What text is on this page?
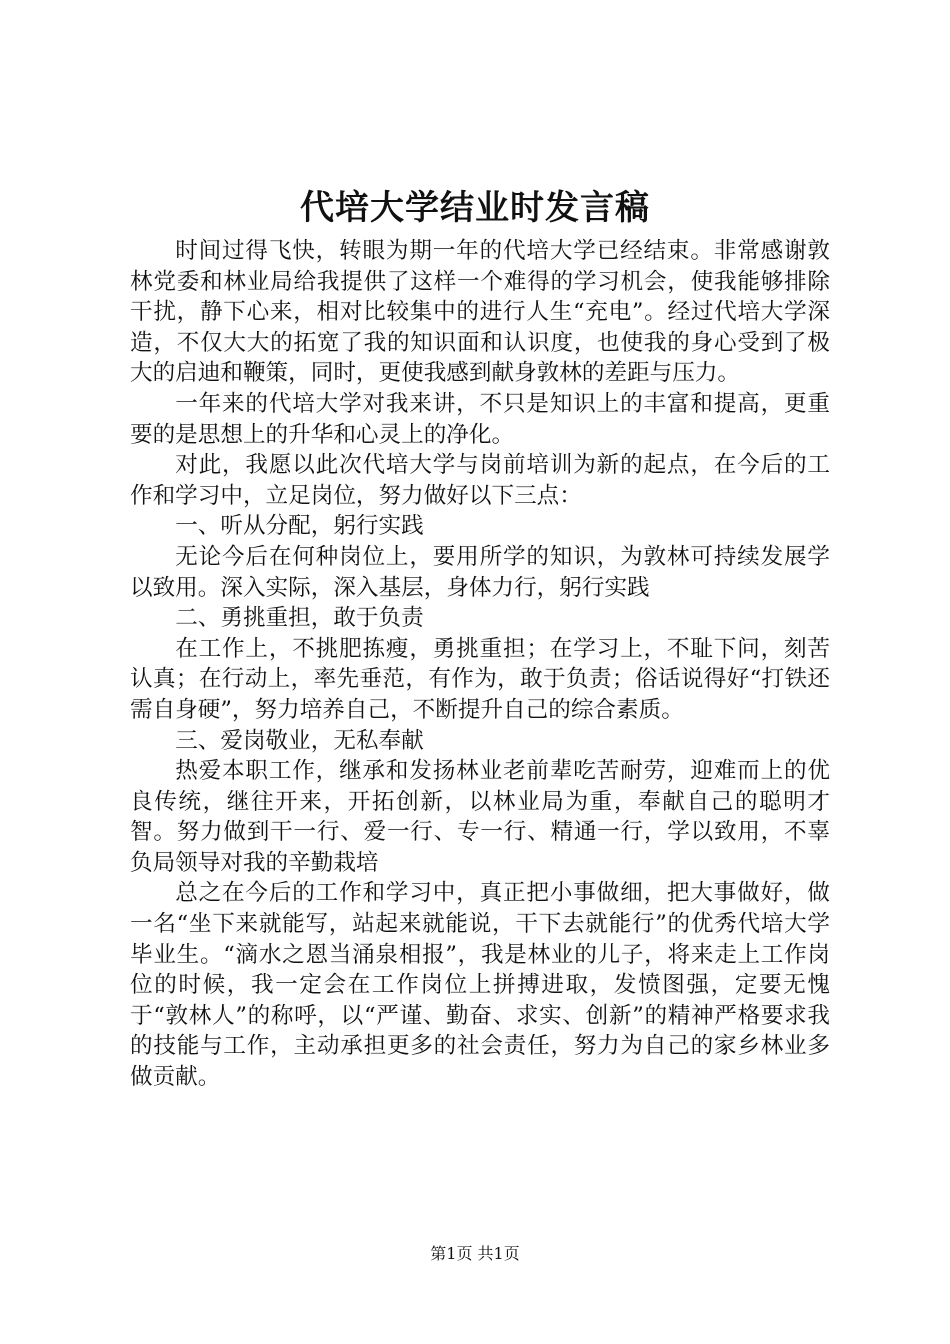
代培大学结业时发言稿

时间过得飞快，转眼为期一年的代培大学已经结束。非常感谢敦林党委和林业局给我提供了这样一个难得的学习机会，使我能够排除干扰，静下心来，相对比较集中的进行人生“充电”。经过代培大学深造，不仅大大的拓宽了我的知识面和认识度，也使我的身心受到了极大的启迪和鞭策，同时，更使我感到献身敦林的差距与压力。

一年来的代培大学对我来讲，不只是知识上的丰富和提高，更重要的是思想上的升华和心灵上的净化。

对此，我愿以此次代培大学与岗前培训为新的起点，在今后的工作和学习中，立足岗位，努力做好以下三点：

一、听从分配，躬行实践

无论今后在何种岗位上，要用所学的知识，为敦林可持续发展学以致用。深入实际，深入基层，身体力行，躬行实践

二、勇挑重担，敢于负责

在工作上，不挑肥拣瘦，勇挑重担；在学习上，不耻下问，刻苦认真；在行动上，率先垂范，有作为，敢于负责；俗话说得好“打铁还需自身硬”，努力培养自己，不断提升自己的综合素质。

三、爱岗敬业，无私奉献

热爱本职工作，继承和发扬林业老前辈吃苦耐劳，迎难而上的优良传统，继往开来，开拓创新，以林业局为重，奉献自己的聪明才智。努力做到干一行、爱一行、专一行、精通一行，学以致用，不辜负局领导对我的辛勤栽培

总之在今后的工作和学习中，真正把小事做细，把大事做好，做一名“坐下来就能写，站起来就能说，干下去就能行”的优秀代培大学毕业生。“滴水之恩当涌泉相报”，我是林业的儿子，将来走上工作岗位的时候，我一定会在工作岗位上拼搏进取，发愤图强，定要无愧于“敦林人”的称呼，以“严谨、勤奋、求实、创新”的精神严格要求我的技能与工作，主动承担更多的社会责任，努力为自己的家乡林业多做贡献。

第1页 共1页
